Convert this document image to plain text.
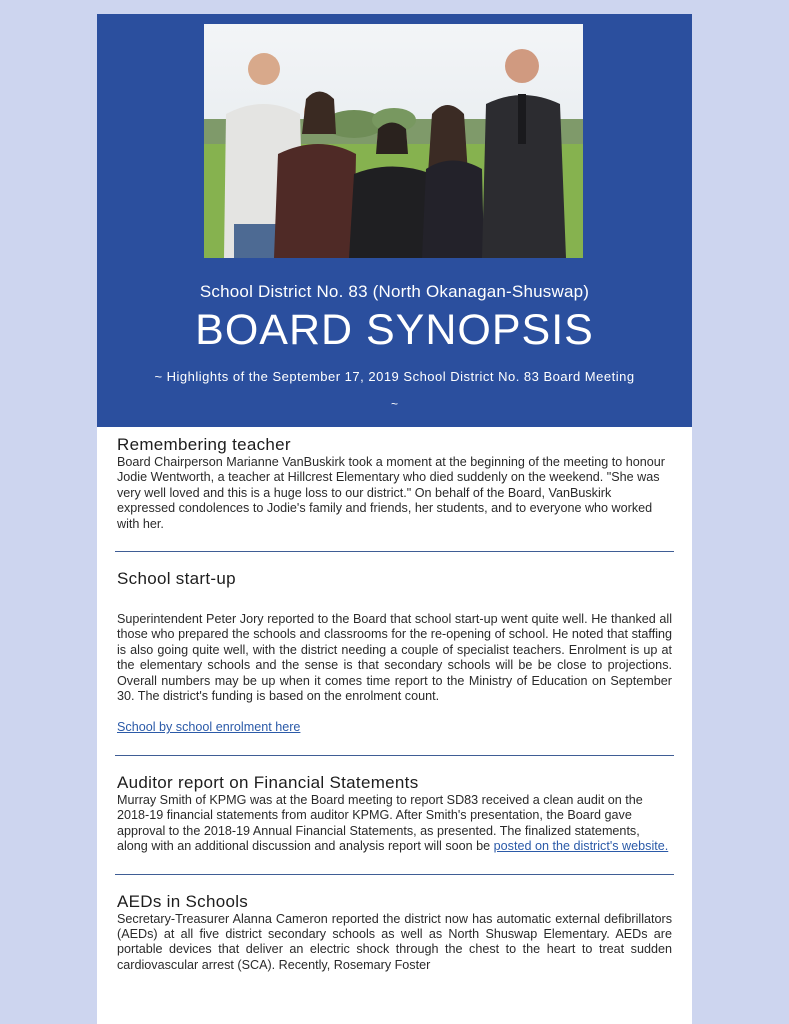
School District No. 83 (North Okanagan-Shuswap)
BOARD SYNOPSIS
~ Highlights of the September 17, 2019 School District No. 83 Board Meeting
~
Remembering teacher

Board Chairperson Marianne VanBuskirk took a moment at the beginning of the meeting to honour Jodie Wentworth, a teacher at Hillcrest Elementary who died suddenly on the weekend. "She was very well loved and this is a huge loss to our district." On behalf of the Board, VanBuskirk expressed condolences to Jodie's family and friends, her students, and to everyone who worked with her.

School start-up

Superintendent Peter Jory reported to the Board that school start-up went quite well. He thanked all those who prepared the schools and classrooms for the re-opening of school. He noted that staffing is also going quite well, with the district needing a couple of specialist teachers. Enrolment is up at the elementary schools and the sense is that secondary schools will be be close to projections. Overall numbers may be up when it comes time report to the Ministry of Education on September 30. The district's funding is based on the enrolment count.

School by school enrolment here

Auditor report on Financial Statements

Murray Smith of KPMG was at the Board meeting to report SD83 received a clean audit on the 2018-19 financial statements from auditor KPMG. After Smith's presentation, the Board gave approval to the 2018-19 Annual Financial Statements, as presented. The finalized statements, along with an additional discussion and analysis report will soon be posted on the district's website.

AEDs in Schools

Secretary-Treasurer Alanna Cameron reported the district now has automatic external defibrillators (AEDs) at all five district secondary schools as well as North Shuswap Elementary. AEDs are portable devices that deliver an electric shock through the chest to the heart to treat sudden cardiovascular arrest (SCA). Recently, Rosemary Foster
